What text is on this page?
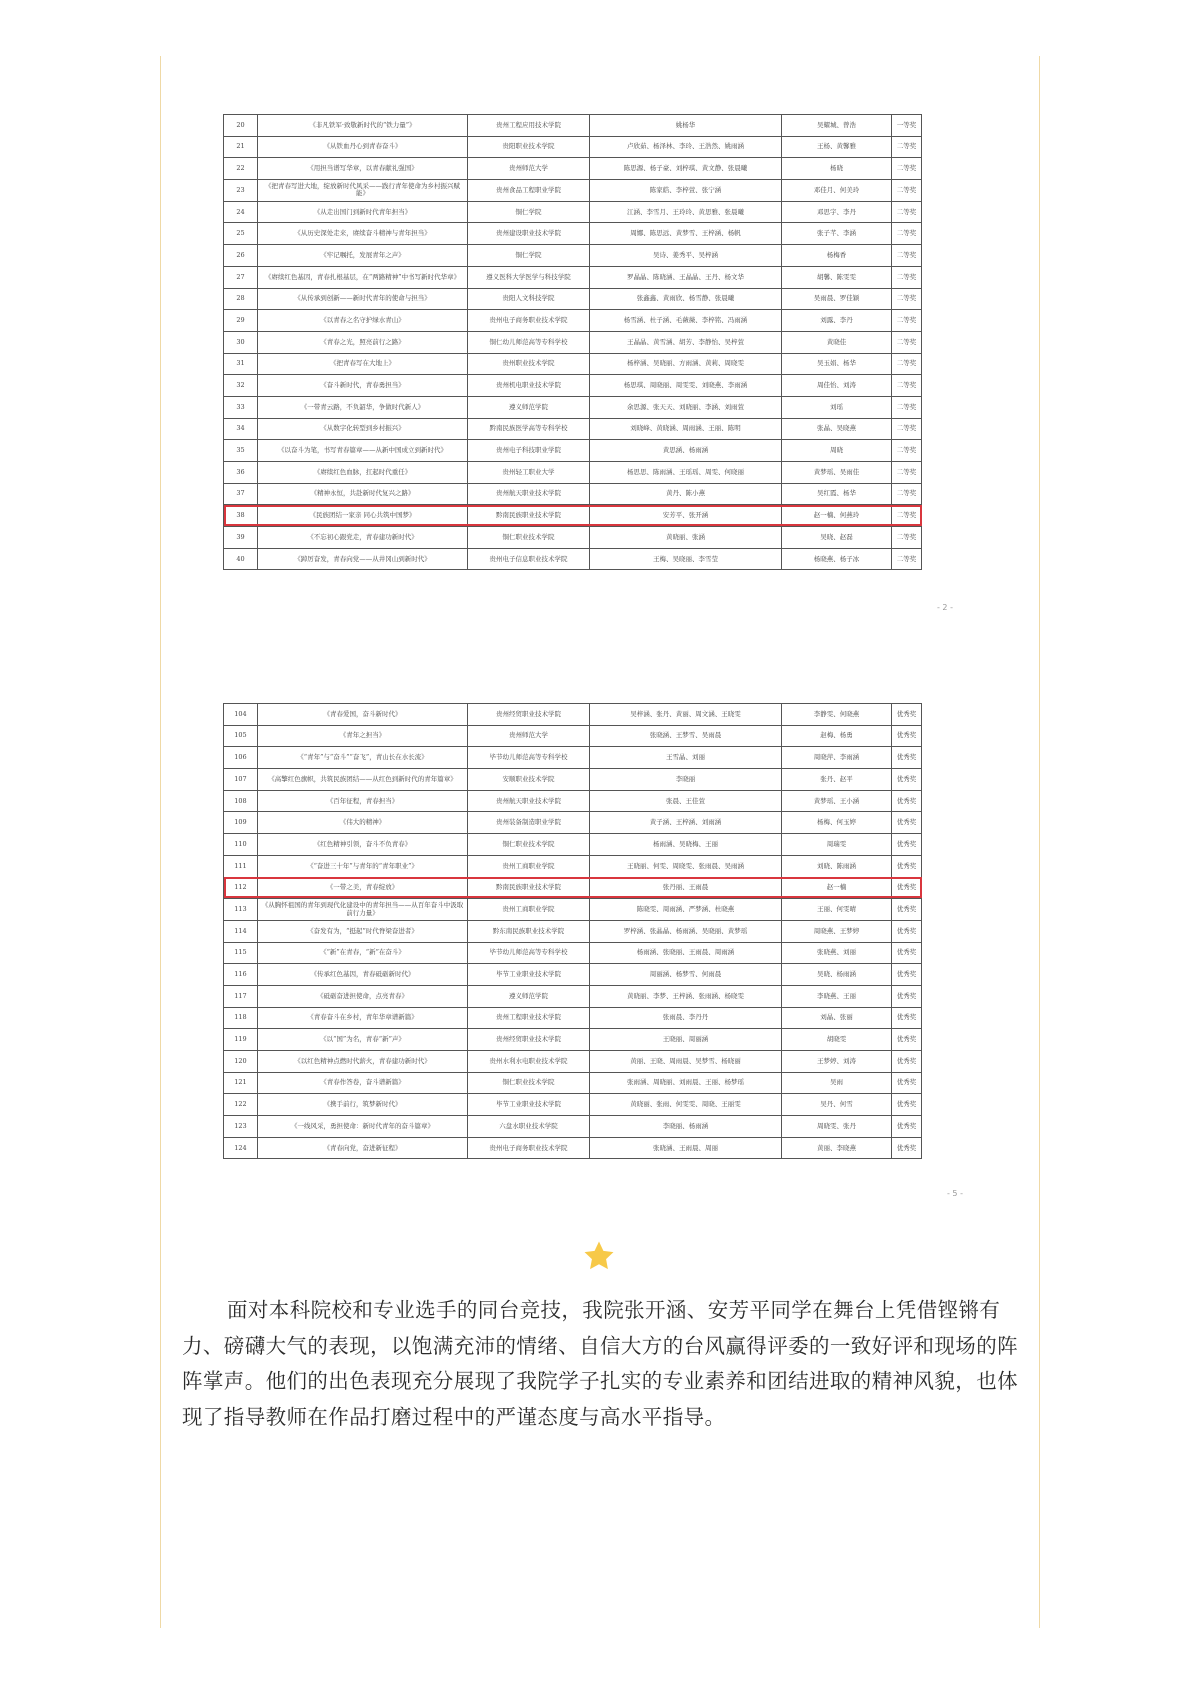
20	《非凡铁军·致敬新时代的“铁力量”》	贵州工程应用技术学院	姚杨华	吴耀城、曾浩	一等奖
21	《从铁血丹心到青春奋斗》	贵阳职业技术学院	卢欣茹、杨泽林、李玲、王浩然、姚雨涵	王杨、黄馨雅	二等奖
22	《用担当谱写华章，以青春献礼强国》	贵州师范大学	陈思源、杨子豪、刘梓琪、黄文静、张晨曦	杨晓	二等奖
23	《把青春写进大地，绽放新时代风采——践行青年使命为乡村振兴赋能》	贵州食品工程职业学院	陈家皓、李梓萱、张宁涵	邓佳月、何美玲	二等奖
24	《从走出国门到新时代青年担当》	铜仁学院	江涵、李雪月、王玲玲、黄思雅、张晨曦	邓思宇、李丹	二等奖
25	《从历史深处走来，赓续奋斗精神与青年担当》	贵州建设职业技术学院	周娜、陈思远、黄梦雪、王梓涵、杨帆	张子芊、李涵	二等奖
26	《牢记嘱托，发展青年之声》	铜仁学院	吴诗、姜秀平、吴梓涵	杨梅香	二等奖
27	《赓续红色基因，青春扎根基层，在“两路精神”中书写新时代华章》	遵义医科大学医学与科技学院	罗晶晶、陈晓涵、王晶晶、王丹、杨文华	胡馨、陈雯雯	二等奖
28	《从传承到创新——新时代青年的使命与担当》	贵阳人文科技学院	张鑫鑫、黄雨欣、杨雪静、张晨曦	吴雨晨、罗佳颖	二等奖
29	《以青春之名守护绿水青山》	贵州电子商务职业技术学院	杨雪涵、杜子涵、毛薇薇、李梓铭、冯雨涵	刘露、李丹	二等奖
30	《青春之光，照亮前行之路》	铜仁幼儿师范高等专科学校	王晶晶、黄雪涵、胡芳、李静怡、吴梓萱	黄晓佳	二等奖
31	《把青春写在大地上》	贵州职业技术学院	杨梓涵、吴晓丽、方雨涵、黄莉、周晓雯	吴玉娟、杨华	二等奖
32	《奋斗新时代，青春勇担当》	贵州机电职业技术学院	杨思琪、周晓丽、周雯雯、刘晓燕、李雨涵	周佳怡、刘涛	二等奖
33	《一带青云路，不负韶华，争做时代新人》	遵义师范学院	余思源、张天天、刘晓丽、李涵、刘雨萱	刘瑶	二等奖
34	《从数字化转型到乡村振兴》	黔南民族医学高等专科学校	刘晓峰、黄晓涵、周雨涵、王丽、陈明	张晶、吴晓燕	二等奖
35	《以奋斗为笔，书写青春篇章——从新中国成立到新时代》	贵州电子科技职业学院	黄思涵、杨雨涵	周晓	二等奖
36	《赓续红色血脉，扛起时代重任》	贵州轻工职业大学	杨思思、陈雨涵、王瑶瑶、周雯、何晓丽	黄梦瑶、吴雨佳	二等奖
37	《精神永恒，共赴新时代复兴之路》	贵州航天职业技术学院	黄丹、陈小燕	吴红霞、杨华	二等奖
38	《民族团结一家亲 同心共筑中国梦》	黔南民族职业技术学院	安芳平、张开涵	赵一楠、何燕玲	二等奖
39	《不忘初心跟党走，青春建功新时代》	铜仁职业技术学院	黄晓丽、张涵	吴晓、赵磊	二等奖
40	《踔厉奋发，青春向党——从井冈山到新时代》	贵州电子信息职业技术学院	王梅、吴晓丽、李雪莹	杨晓燕、杨子冰	二等奖
- 2 -
104	《青春爱国，奋斗新时代》	贵州经贸职业技术学院	吴梓涵、张丹、黄丽、周文涵、王晓雯	李静雯、何晓燕	优秀奖
105	《青年之担当》	贵州师范大学	张晓涵、王梦雪、吴雨晨	赵梅、杨勇	优秀奖
106	《“青年”与“奋斗”“奋飞”，青山长在水长流》	毕节幼儿师范高等专科学校	王雪晶、刘丽	周晓萍、李雨涵	优秀奖
107	《高擎红色旗帜，共筑民族团结——从红色到新时代的青年篇章》	安顺职业技术学院	李晓丽	张丹、赵平	优秀奖
108	《百年征程，青春担当》	贵州航天职业技术学院	张晨、王佳萱	黄梦瑶、王小涵	优秀奖
109	《伟大的精神》	贵州装备制造职业学院	黄子涵、王梓涵、刘雨涵	杨梅、何玉婷	优秀奖
110	《红色精神引领，奋斗不负青春》	铜仁职业技术学院	杨雨涵、吴晓梅、王丽	周瑞雯	优秀奖
111	《“奋进三十年”与青年的“青年职业”》	贵州工商职业学院	王晓丽、何雯、周晓雯、张雨晨、吴雨涵	刘晓、陈雨涵	优秀奖
112	《一带之美，青春绽放》	黔南民族职业技术学院	张丹丽、王雨晨	赵一楠	优秀奖
113	《从胸怀祖国的青年到现代化建设中的青年担当——从百年奋斗中汲取前行力量》	贵州工商职业学院	陈晓雯、周雨涵、严梦涵、杜晓燕	王丽、何雯晴	优秀奖
114	《奋发有为，“挺起”时代脊梁奋进者》	黔东南民族职业技术学院	罗梓涵、张晶晶、杨雨涵、吴晓丽、黄梦瑶	周晓燕、王梦婷	优秀奖
115	《“新”在青春，“新”在奋斗》	毕节幼儿师范高等专科学校	杨雨涵、张晓丽、王雨晨、周雨涵	张晓燕、刘丽	优秀奖
116	《传承红色基因，青春砥砺新时代》	毕节工业职业技术学院	周丽涵、杨梦雪、何雨晨	吴晓、杨雨涵	优秀奖
117	《砥砺奋进担使命，点亮青春》	遵义师范学院	黄晓丽、李梦、王梓涵、张雨涵、杨晓雯	李晓燕、王丽	优秀奖
118	《青春奋斗在乡村，青年华章谱新篇》	贵州工程职业技术学院	张雨晨、李丹丹	刘晶、张丽	优秀奖
119	《以“国”为名，青春“新”声》	贵州经贸职业技术学院	王晓丽、周丽涵	胡晓雯	优秀奖
120	《以红色精神点燃时代薪火，青春建功新时代》	贵州水利水电职业技术学院	黄丽、王晓、周雨晨、吴梦雪、杨晓丽	王梦婷、刘涛	优秀奖
121	《青春作答卷，奋斗谱新篇》	铜仁职业技术学院	张雨涵、周晓丽、刘雨晨、王丽、杨梦瑶	吴雨	优秀奖
122	《携手前行，筑梦新时代》	毕节工业职业技术学院	黄晓丽、张雨、何雯雯、周晓、王丽雯	吴丹、何雪	优秀奖
123	《一线风采，勇担使命：新时代青年的奋斗篇章》	六盘水职业技术学院	李晓丽、杨雨涵	周晓雯、张丹	优秀奖
124	《青春向党，奋进新征程》	贵州电子商务职业技术学院	张晓涵、王雨晨、周丽	黄丽、李晓燕	优秀奖
- 5 -

面对本科院校和专业选手的同台竞技，我院张开涵、安芳平同学在舞台上凭借铿锵有力、磅礴大气的表现，以饱满充沛的情绪、自信大方的台风赢得评委的一致好评和现场的阵阵掌声。他们的出色表现充分展现了我院学子扎实的专业素养和团结进取的精神风貌，也体现了指导教师在作品打磨过程中的严谨态度与高水平指导。
